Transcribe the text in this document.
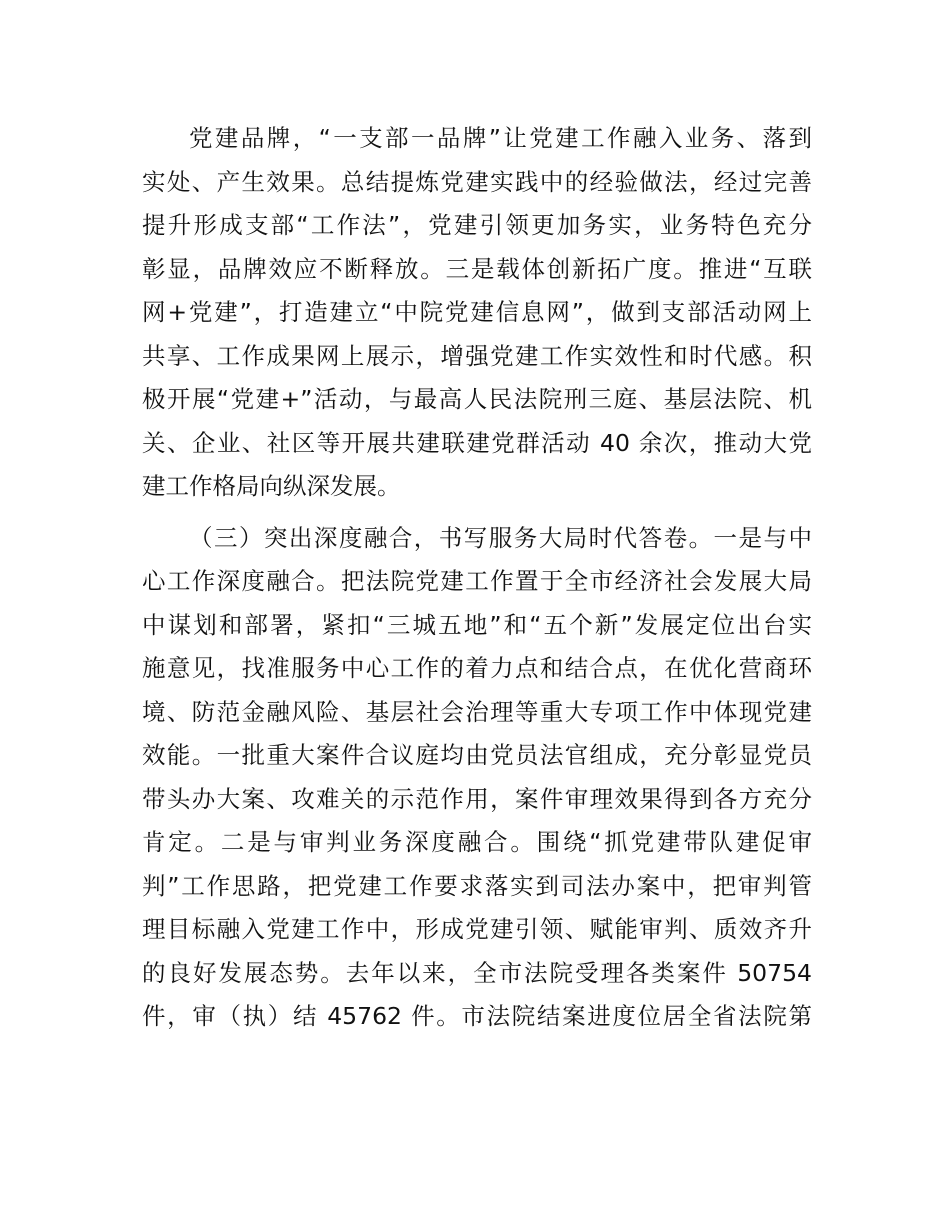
党建品牌，“一支部一品牌”让党建工作融入业务、落到
实处、产生效果。总结提炼党建实践中的经验做法，经过完善
提升形成支部“工作法”，党建引领更加务实，业务特色充分
彰显，品牌效应不断释放。三是载体创新拓广度。推进“互联
网+党建”，打造建立“中院党建信息网”，做到支部活动网上
共享、工作成果网上展示，增强党建工作实效性和时代感。积
极开展“党建+”活动，与最高人民法院刑三庭、基层法院、机
关、企业、社区等开展共建联建党群活动 40 余次，推动大党
建工作格局向纵深发展。
（三）突出深度融合，书写服务大局时代答卷。一是与中
心工作深度融合。把法院党建工作置于全市经济社会发展大局
中谋划和部署，紧扣“三城五地”和“五个新”发展定位出台实
施意见，找准服务中心工作的着力点和结合点，在优化营商环
境、防范金融风险、基层社会治理等重大专项工作中体现党建
效能。一批重大案件合议庭均由党员法官组成，充分彰显党员
带头办大案、攻难关的示范作用，案件审理效果得到各方充分
肯定。二是与审判业务深度融合。围绕“抓党建带队建促审
判”工作思路，把党建工作要求落实到司法办案中，把审判管
理目标融入党建工作中，形成党建引领、赋能审判、质效齐升
的良好发展态势。去年以来，全市法院受理各类案件 50754
件，审（执）结 45762 件。市法院结案进度位居全省法院第
